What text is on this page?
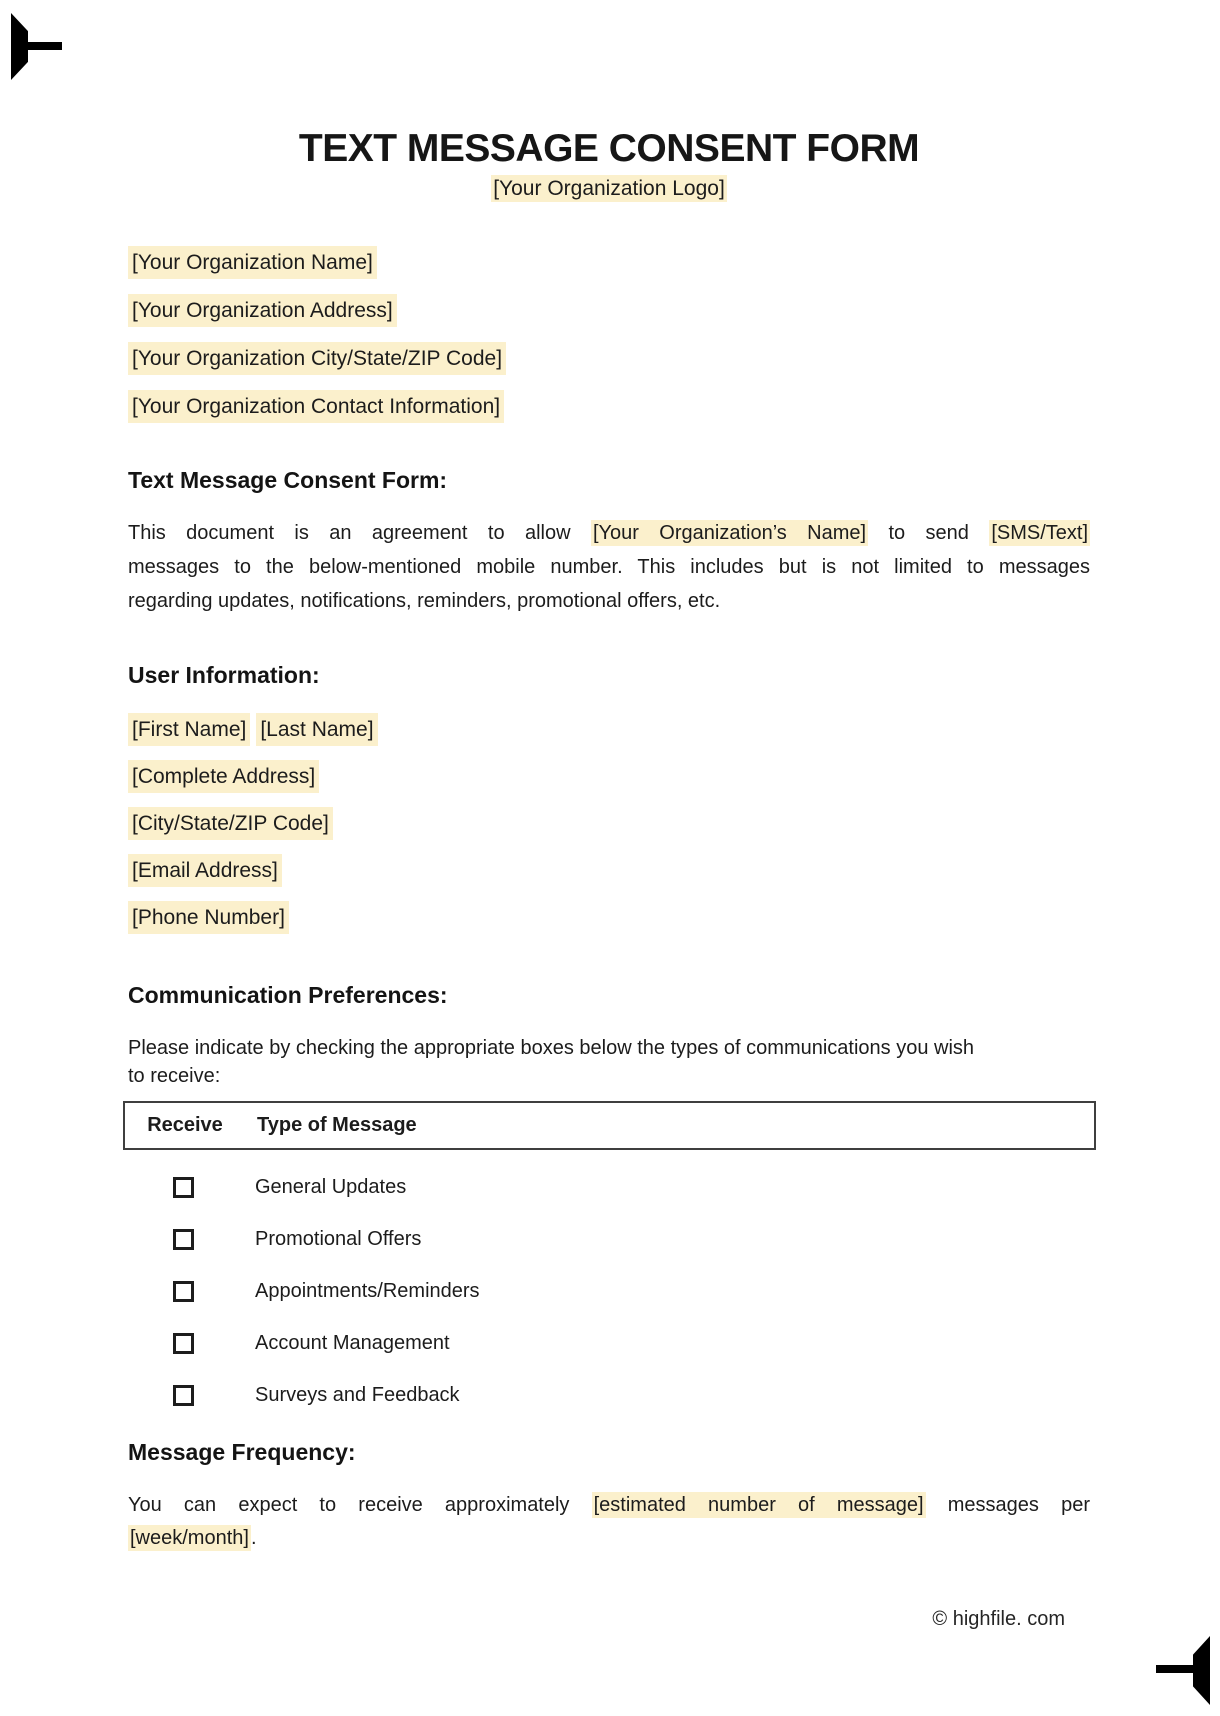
TEXT MESSAGE CONSENT FORM
[Your Organization Logo]
[Your Organization Name]
[Your Organization Address]
[Your Organization City/State/ZIP Code]
[Your Organization Contact Information]
Text Message Consent Form:
This document is an agreement to allow [Your Organization’s Name] to send [SMS/Text]
messages to the below-mentioned mobile number. This includes but is not limited to messages
regarding updates, notifications, reminders, promotional offers, etc.
User Information:
[First Name] [Last Name]
[Complete Address]
[City/State/ZIP Code]
[Email Address]
[Phone Number]
Communication Preferences:
Please indicate by checking the appropriate boxes below the types of communications you wish
to receive:
Receive	Type of Message
General Updates
Promotional Offers
Appointments/Reminders
Account Management
Surveys and Feedback
Message Frequency:
You can expect to receive approximately [estimated number of message] messages per
[week/month] .
© highfile. com
